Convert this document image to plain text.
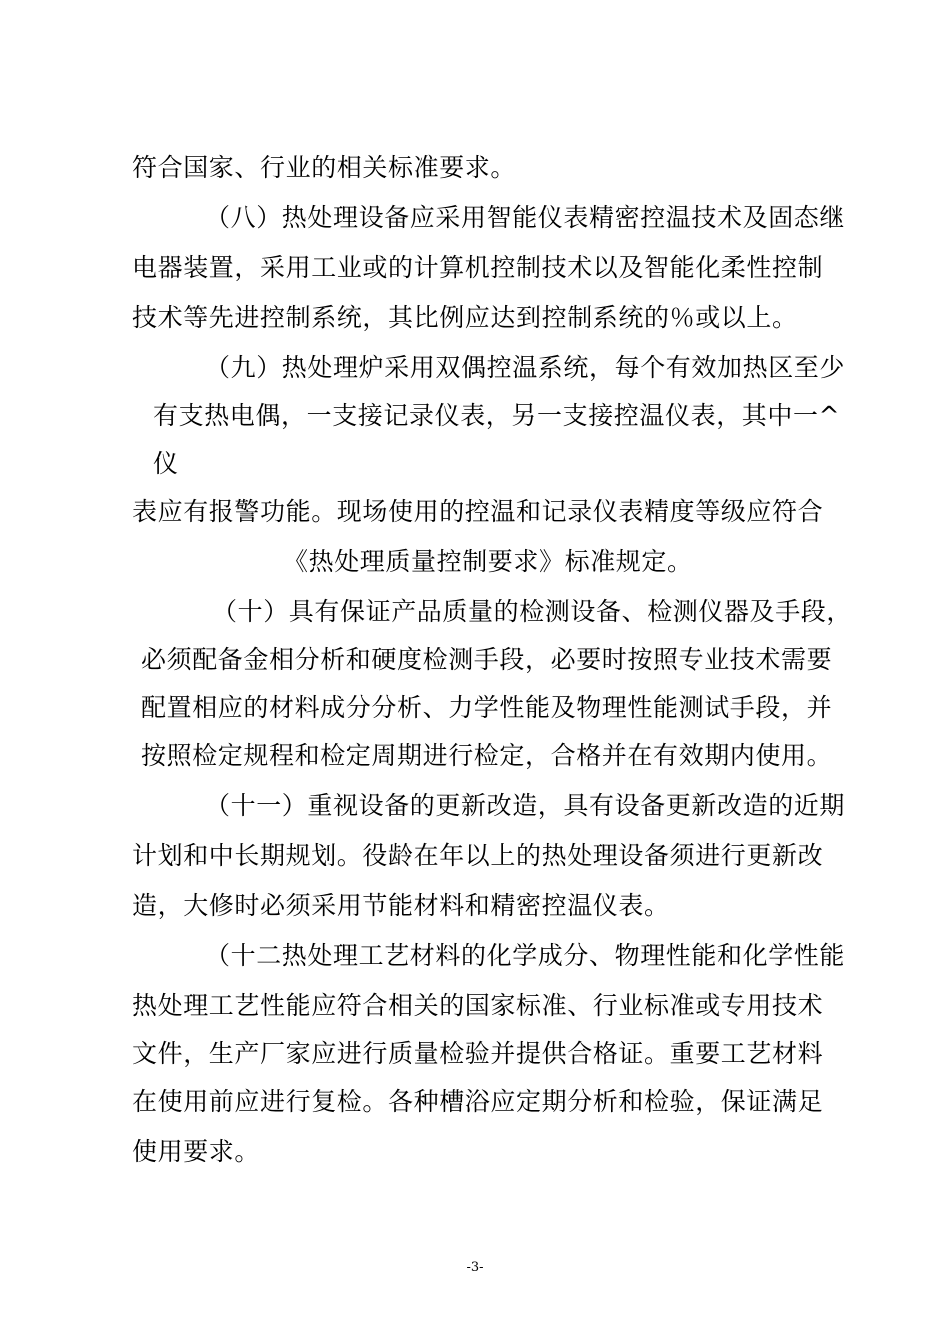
符合国家、行业的相关标准要求。
（八）热处理设备应采用智能仪表精密控温技术及固态继
电器装置，采用工业或的计算机控制技术以及智能化柔性控制
技术等先进控制系统，其比例应达到控制系统的％或以上。
（九）热处理炉采用双偶控温系统，每个有效加热区至少
有支热电偶，一支接记录仪表，另一支接控温仪表，其中一^
仪
表应有报警功能。现场使用的控温和记录仪表精度等级应符合
《热处理质量控制要求》标准规定。
（十）具有保证产品质量的检测设备、检测仪器及手段，
必须配备金相分析和硬度检测手段，必要时按照专业技术需要
配置相应的材料成分分析、力学性能及物理性能测试手段，并
按照检定规程和检定周期进行检定，合格并在有效期内使用。
（十一）重视设备的更新改造，具有设备更新改造的近期
计划和中长期规划。役龄在年以上的热处理设备须进行更新改
造，大修时必须采用节能材料和精密控温仪表。
（十二热处理工艺材料的化学成分、物理性能和化学性能
热处理工艺性能应符合相关的国家标准、行业标准或专用技术
文件，生产厂家应进行质量检验并提供合格证。重要工艺材料
在使用前应进行复检。各种槽浴应定期分析和检验，保证满足
使用要求。
-3-
